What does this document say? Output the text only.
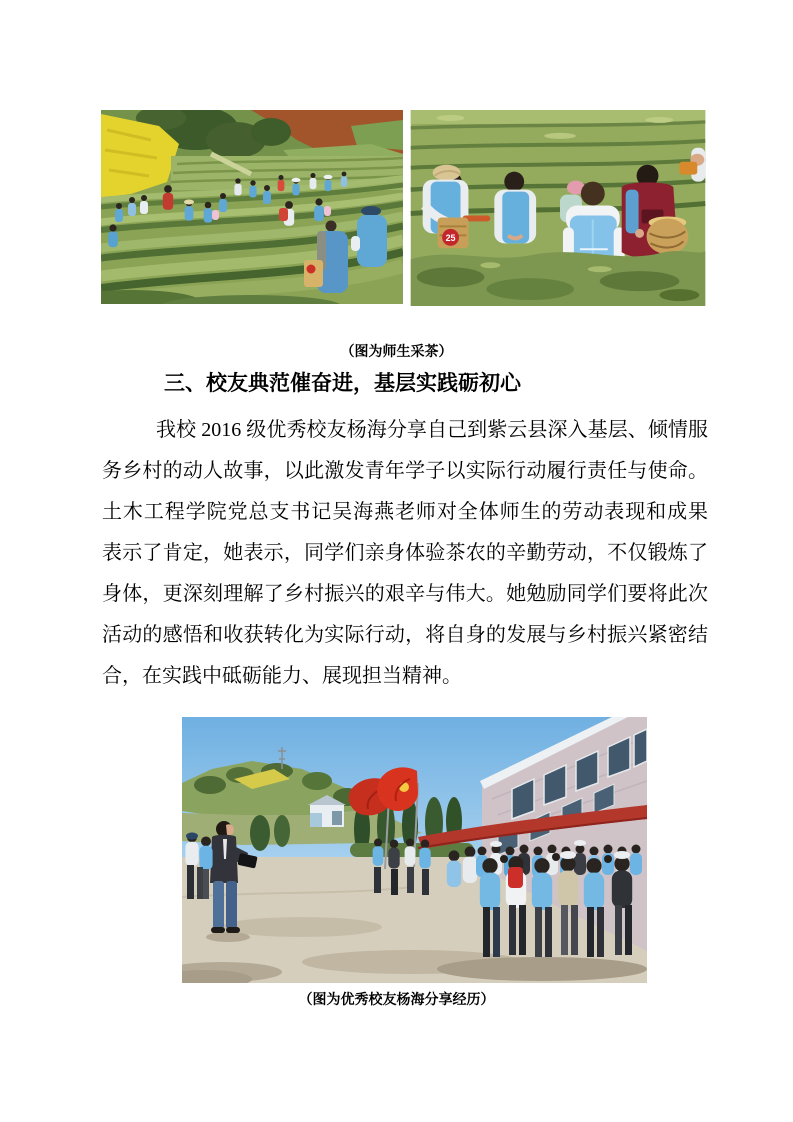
25
（图为师生采茶）
三、校友典范催奋进，基层实践砺初心
我校 2016 级优秀校友杨海分享自己到紫云县深入基层、倾情服
务乡村的动人故事，以此激发青年学子以实际行动履行责任与使命。
土木工程学院党总支书记吴海燕老师对全体师生的劳动表现和成果
表示了肯定，她表示，同学们亲身体验茶农的辛勤劳动，不仅锻炼了
身体，更深刻理解了乡村振兴的艰辛与伟大。她勉励同学们要将此次
活动的感悟和收获转化为实际行动，将自身的发展与乡村振兴紧密结
合，在实践中砥砺能力、展现担当精神。
（图为优秀校友杨海分享经历）
